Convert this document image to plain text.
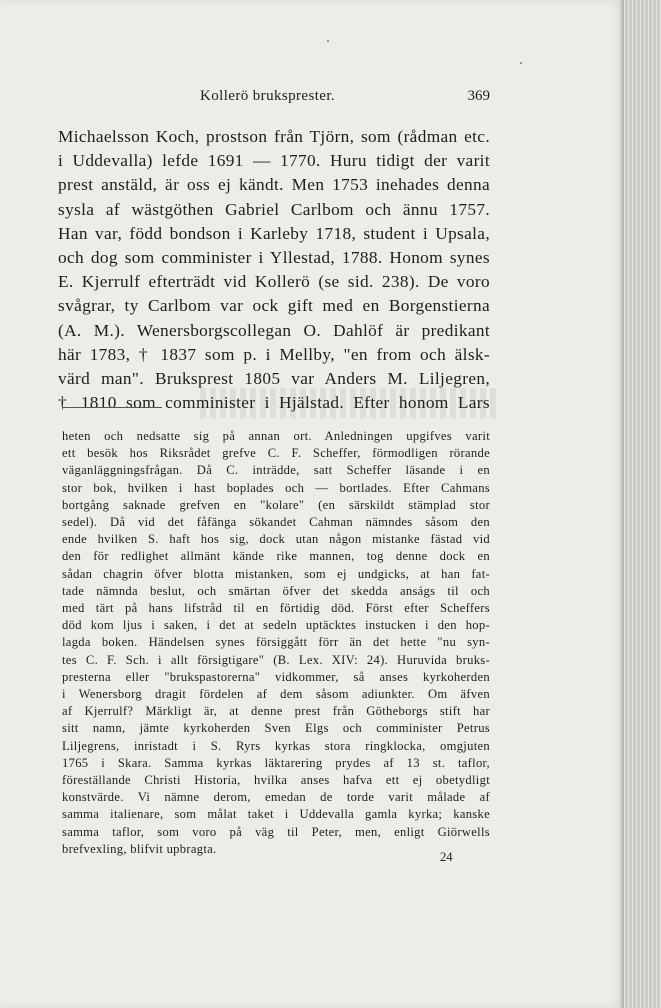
Kollerö bruksprester.	369
Michaelsson Koch, prostson från Tjörn, som (rådman etc.
i Uddevalla) lefde 1691 — 1770. Huru tidigt der varit
prest anstäld, är oss ej kändt. Men 1753 inehades denna
sysla af wästgöthen Gabriel Carlbom och ännu 1757.
Han var, född bondson i Karleby 1718, student i Upsala,
och dog som comminister i Yllestad, 1788. Honom synes
E. Kjerrulf efterträdt vid Kollerö (se sid. 238). De voro
svågrar, ty Carlbom var ock gift med en Borgenstierna
(A. M.). Wenersborgscollegan O. Dahlöf är predikant
här 1783, † 1837 som p. i Mellby, "en from och älsk-
värd man". Bruksprest 1805 var Anders M. Liljegren,
† 1810 som comminister i Hjälstad. Efter honom Lars
heten och nedsatte sig på annan ort. Anledningen upgifves varit
ett besök hos Riksrådet grefve C. F. Scheffer, förmodligen rörande
väganläggningsfrågan. Då C. inträdde, satt Scheffer läsande i en
stor bok, hvilken i hast boplades och — bortlades. Efter Cahmans
bortgång saknade grefven en "kolare" (en särskildt stämplad stor
sedel). Då vid det fåfänga sökandet Cahman nämndes såsom den
ende hvilken S. haft hos sig, dock utan någon mistanke fästad vid
den för redlighet allmänt kände rike mannen, tog denne dock en
sådan chagrin öfver blotta mistanken, som ej undgicks, at han fat-
tade nämnda beslut, och smärtan öfver det skedda anságs til och
med tärt på hans lifstråd til en förtidig död. Först efter Scheffers
död kom ljus i saken, i det at sedeln uptäcktes instucken i den hop-
lagda boken. Händelsen synes försiggått förr än det hette "nu syn-
tes C. F. Sch. i allt försigtigare" (B. Lex. XIV: 24). Huruvida bruks-
presterna eller "brukspastorerna" vidkommer, så anses kyrkoherden
i Wenersborg dragit fördelen af dem såsom adiunkter. Om äfven
af Kjerrulf? Märkligt är, at denne prest från Götheborgs stift har
sitt namn, jämte kyrkoherden Sven Elgs och comminister Petrus
Liljegrens, inristadt i S. Ryrs kyrkas stora ringklocka, omgjuten
1765 i Skara. Samma kyrkas läktarering prydes af 13 st. taflor,
föreställande Christi Historia, hvilka anses hafva ett ej obetydligt
konstvärde. Vi nämne derom, emedan de torde varit målade af
samma italienare, som målat taket i Uddevalla gamla kyrka; kanske
samma taflor, som voro på väg til Peter, men, enligt Giörwells
brefvexling, blifvit upbragta.
24
